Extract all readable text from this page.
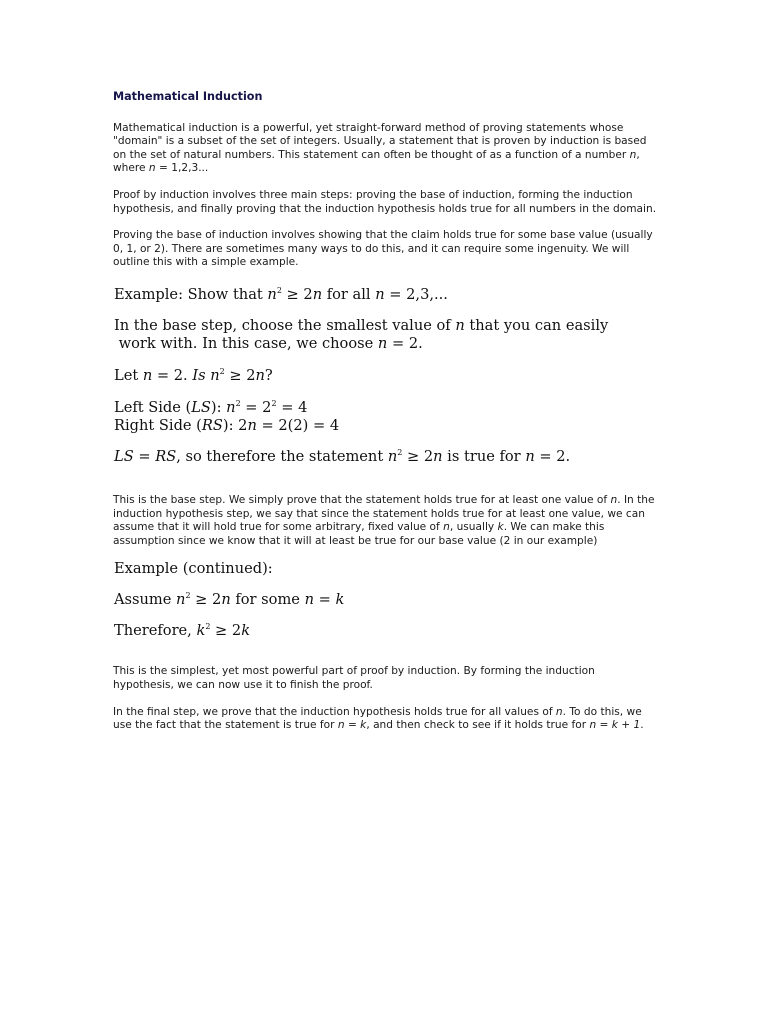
Mathematical Induction

Mathematical induction is a powerful, yet straight-forward method of proving statements whose "domain" is a subset of the set of integers. Usually, a statement that is proven by induction is based on the set of natural numbers. This statement can often be thought of as a function of a number n, where n = 1,2,3...

Proof by induction involves three main steps: proving the base of induction, forming the induction hypothesis, and finally proving that the induction hypothesis holds true for all numbers in the domain.

Proving the base of induction involves showing that the claim holds true for some base value (usually 0, 1, or 2). There are sometimes many ways to do this, and it can require some ingenuity. We will outline this with a simple example.

Example: Show that $n^2 \ge 2n$ for all n = 2,3,...
In the base step, choose the smallest value of n that you can easily
work with. In this case, we choose n = 2.
Let n = 2. Is $n^2 \ge 2n$?
Left Side (LS): $n^2 = 2^2 = 4$
Right Side (RS): 2n = 2(2) = 4
LS = RS, so therefore the statement $n^2 \ge 2n$ is true for n = 2.

This is the base step. We simply prove that the statement holds true for at least one value of n. In the induction hypothesis step, we say that since the statement holds true for at least one value, we can assume that it will hold true for some arbitrary, fixed value of n, usually k. We can make this assumption since we know that it will at least be true for our base value (2 in our example)

Example (continued):
Assume $n^2 \ge 2n$ for some n = k
Therefore, $k^2 \ge 2k$

This is the simplest, yet most powerful part of proof by induction. By forming the induction hypothesis, we can now use it to finish the proof.

In the final step, we prove that the induction hypothesis holds true for all values of n. To do this, we use the fact that the statement is true for n = k, and then check to see if it holds true for n = k + 1.
